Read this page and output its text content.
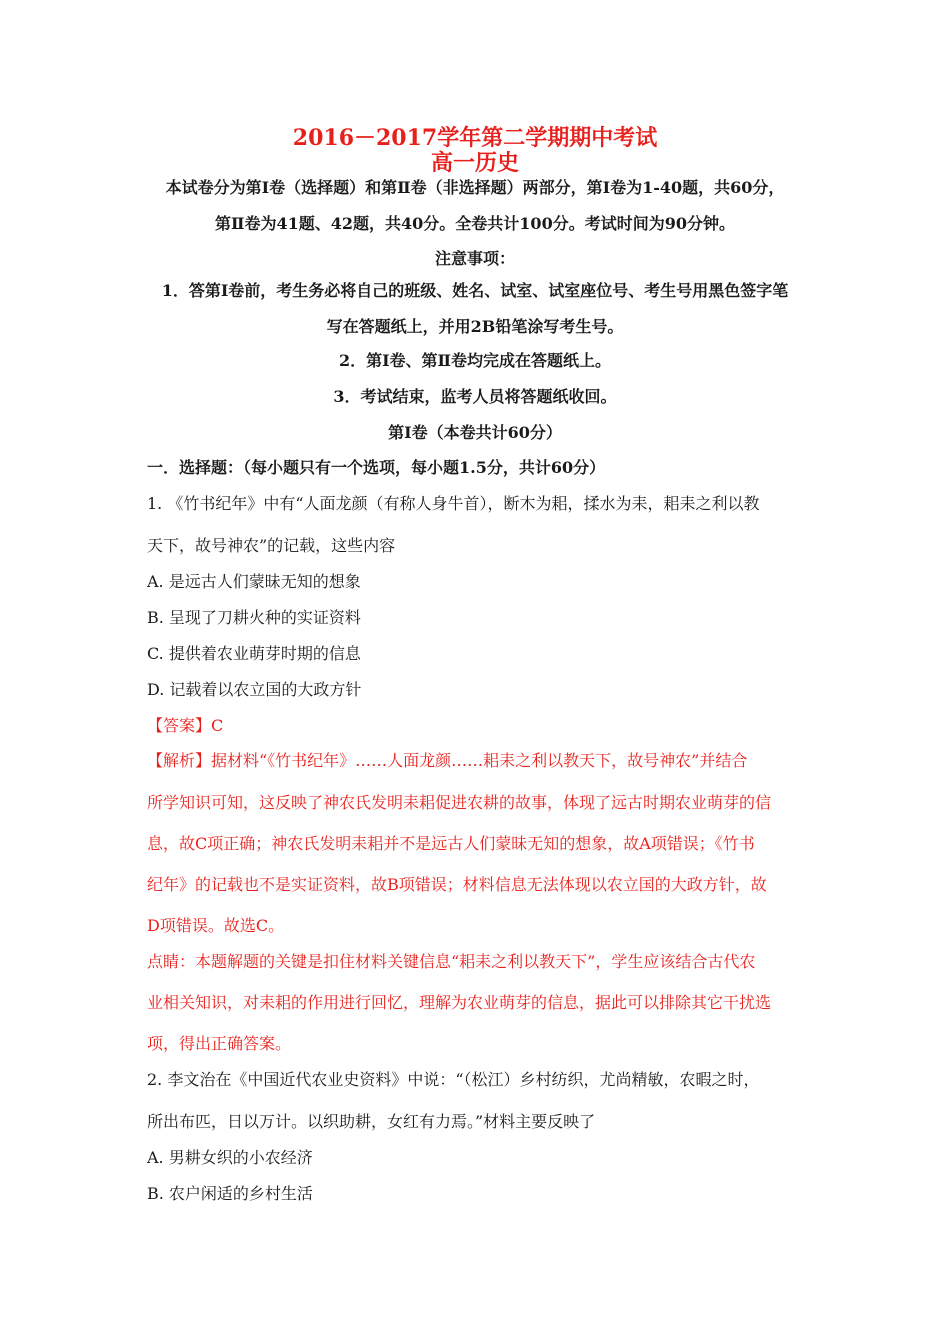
2016－2017学年第二学期期中考试
高一历史
本试卷分为第Ⅰ卷（选择题）和第Ⅱ卷（非选择题）两部分，第Ⅰ卷为1-40题，共60分，
第Ⅱ卷为41题、42题，共40分。全卷共计100分。考试时间为90分钟。
注意事项：
1．答第Ⅰ卷前，考生务必将自己的班级、姓名、试室、试室座位号、考生号用黑色签字笔
写在答题纸上，并用2B铅笔涂写考生号。
2．第Ⅰ卷、第Ⅱ卷均完成在答题纸上。
3．考试结束，监考人员将答题纸收回。
第Ⅰ卷（本卷共计60分）
一．选择题：（每小题只有一个选项，每小题1.5分，共计60分）
1. 《竹书纪年》中有“人面龙颜（有称人身牛首），断木为耜，揉水为耒，耜耒之利以教
天下，故号神农”的记载，这些内容
A. 是远古人们蒙昧无知的想象
B. 呈现了刀耕火种的实证资料
C. 提供着农业萌芽时期的信息
D. 记载着以农立国的大政方针
【答案】C
【解析】据材料“《竹书纪年》……人面龙颜……耜耒之利以教天下，故号神农”并结合
所学知识可知，这反映了神农氏发明耒耜促进农耕的故事，体现了远古时期农业萌芽的信
息，故C项正确；神农氏发明耒耜并不是远古人们蒙昧无知的想象，故A项错误；《竹书
纪年》的记载也不是实证资料，故B项错误；材料信息无法体现以农立国的大政方针，故
D项错误。故选C。
点睛：本题解题的关键是扣住材料关键信息“耜耒之利以教天下”，学生应该结合古代农
业相关知识，对耒耜的作用进行回忆，理解为农业萌芽的信息，据此可以排除其它干扰选
项，得出正确答案。
2. 李文治在《中国近代农业史资料》中说：“（松江）乡村纺织，尤尚精敏，农暇之时，
所出布匹，日以万计。以织助耕，女红有力焉。”材料主要反映了
A. 男耕女织的小农经济
B. 农户闲适的乡村生活
